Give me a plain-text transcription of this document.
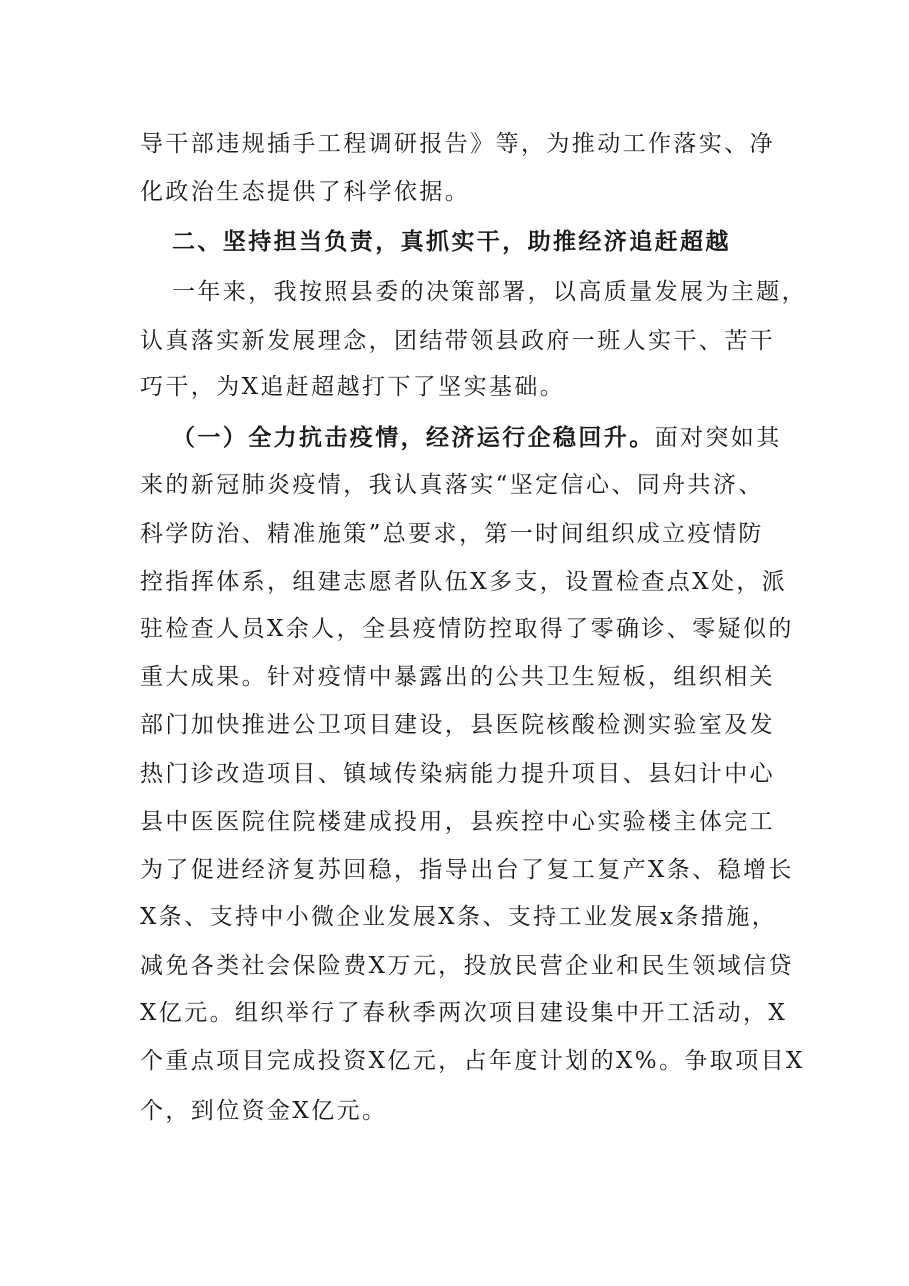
导干部违规插手工程调研报告》等，为推动工作落实、净
化政治生态提供了科学依据。
二、坚持担当负责，真抓实干，助推经济追赶超越
一年来，我按照县委的决策部署，以高质量发展为主题，
认真落实新发展理念，团结带领县政府一班人实干、苦干
巧干，为X追赶超越打下了坚实基础。
（一）全力抗击疫情，经济运行企稳回升。面对突如其
来的新冠肺炎疫情，我认真落实“坚定信心、同舟共济、
科学防治、精准施策”总要求，第一时间组织成立疫情防
控指挥体系，组建志愿者队伍X多支，设置检查点X处，派
驻检查人员X余人，全县疫情防控取得了零确诊、零疑似的
重大成果。针对疫情中暴露出的公共卫生短板，组织相关
部门加快推进公卫项目建设，县医院核酸检测实验室及发
热门诊改造项目、镇域传染病能力提升项目、县妇计中心
县中医医院住院楼建成投用，县疾控中心实验楼主体完工
为了促进经济复苏回稳，指导出台了复工复产X条、稳增长
X条、支持中小微企业发展X条、支持工业发展x条措施，
减免各类社会保险费X万元，投放民营企业和民生领域信贷
X亿元。组织举行了春秋季两次项目建设集中开工活动，X
个重点项目完成投资X亿元，占年度计划的X%。争取项目X
个，到位资金X亿元。
